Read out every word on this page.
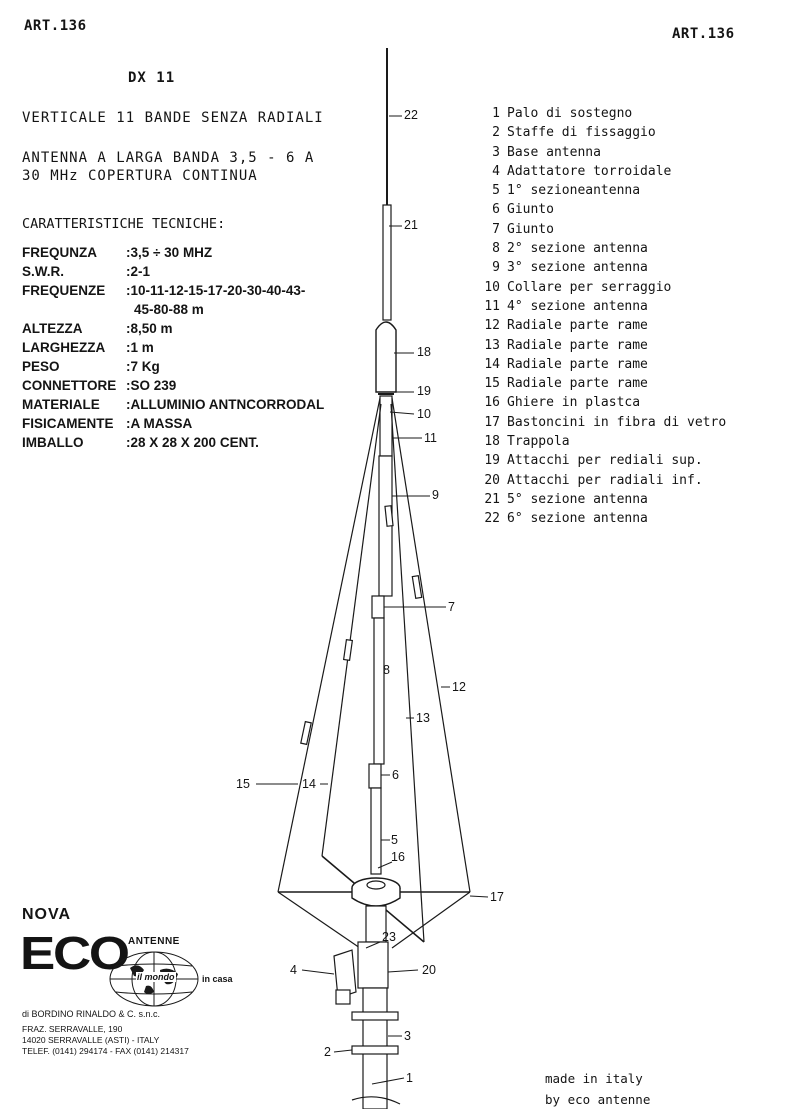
ART.136	ART.136
DX 11
VERTICALE 11 BANDE SENZA RADIALI
ANTENNA A LARGA BANDA 3,5 - 6 A
30 MHz COPERTURA CONTINUA
CARATTERISTICHE TECNICHE:
FREQUNZA :3,5 ÷ 30 MHZ
S.W.R.	:2-1
FREQUENZE :10-11-12-15-17-20-30-40-43-
45-80-88 m
ALTEZZA	:8,50 m
LARGHEZZA :1 m
PESO	:7 Kg
CONNETTORE :SO 239
MATERIALE :ALLUMINIO ANTNCORRODAL
FISICAMENTE :A MASSA
IMBALLO	:28 X 28 X 200 CENT.
1 Palo di sostegno
2 Staffe di fissaggio
3 Base antenna
4 Adattatore torroidale
5 1° sezioneantenna
6 Giunto
7 Giunto
8 2° sezione antenna
9 3° sezione antenna
10 Collare per serraggio
11 4° sezione antenna
12 Radiale parte rame
13 Radiale parte rame
14 Radiale parte rame
15 Radiale parte rame
16 Ghiere in plastca
17 Bastoncini in fibra di vetro
18 Trappola
19 Attacchi per rediali sup.
20 Attacchi per radiali inf.
21 5° sezione antenna
22 6° sezione antenna
22
21
18
19
10
11
9
7
12
13
8
6
15	14
5
16
17
23
4	20
3
2
1
NOVA
ECO ANTENNE
il mondo	in casa
di BORDINO RINALDO & C. s.n.c.
FRAZ. SERRAVALLE, 190
14020 SERRAVALLE (ASTI) - ITALY
TELEF. (0141) 294174 - FAX (0141) 214317
made in italy
by eco antenne
